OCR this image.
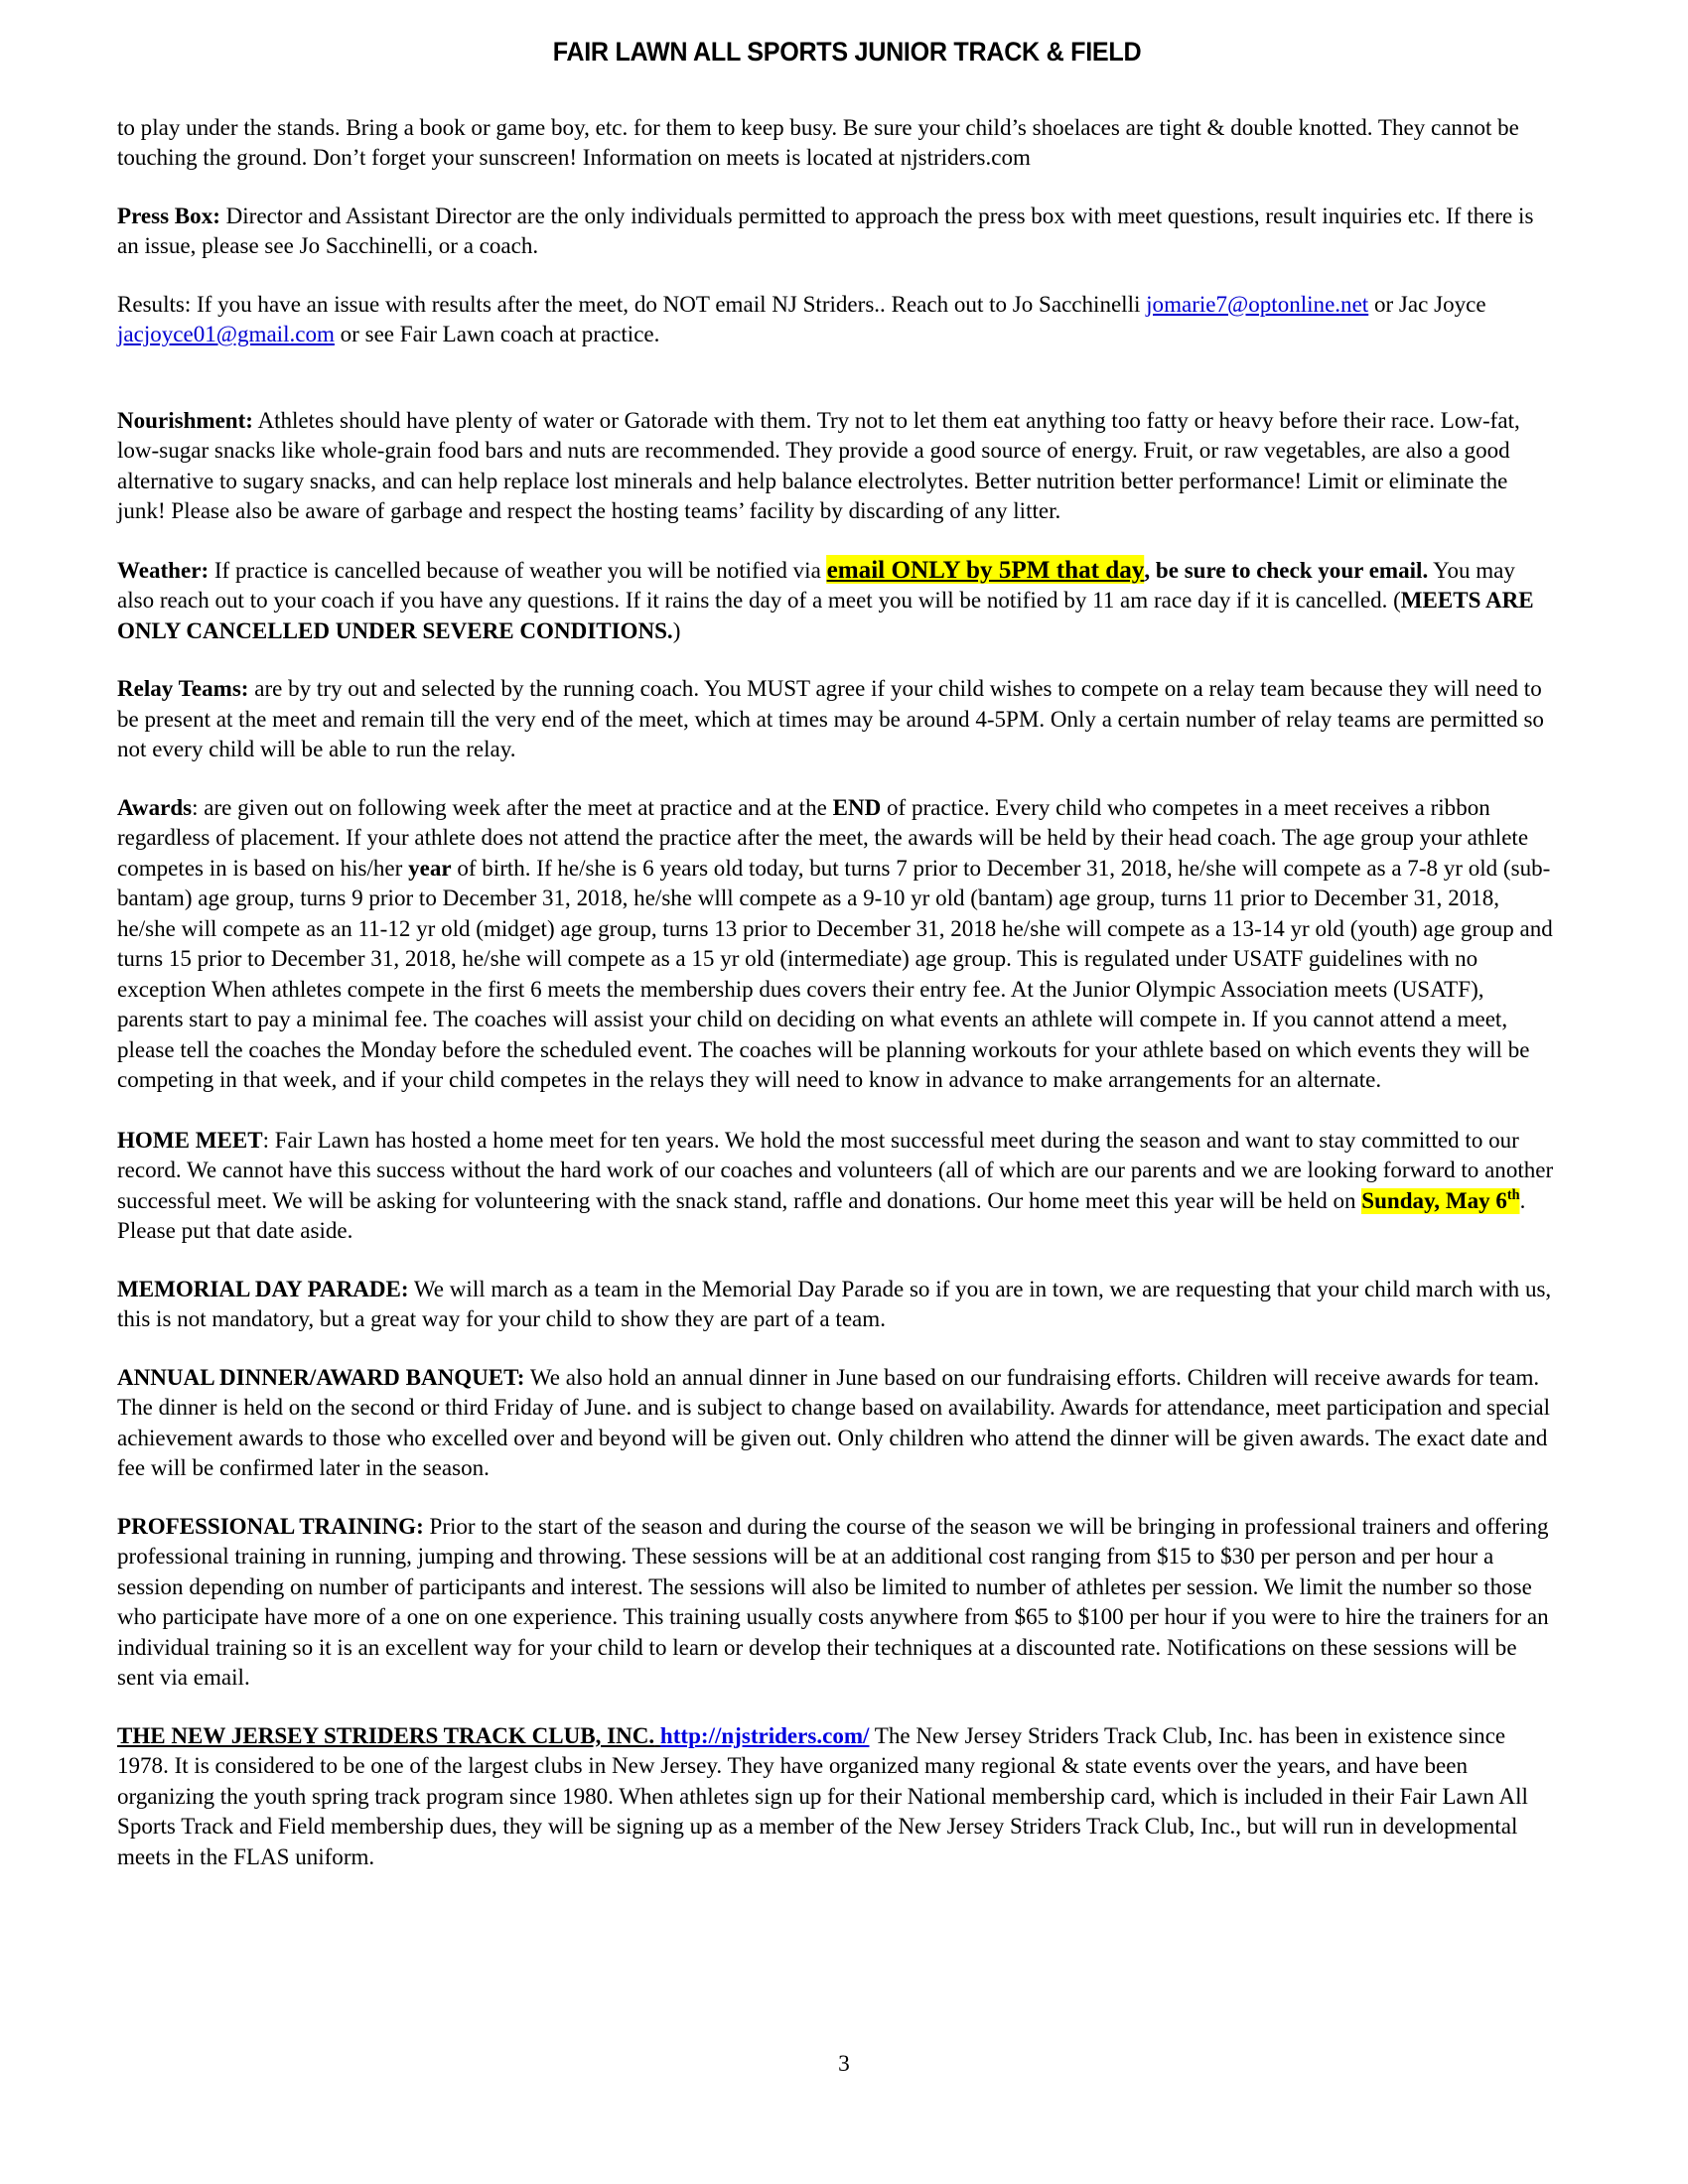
FAIR LAWN ALL SPORTS JUNIOR TRACK & FIELD

to play under the stands. Bring a book or game boy, etc. for them to keep busy. Be sure your child’s shoelaces are tight & double knotted. They cannot be touching the ground. Don’t forget your sunscreen! Information on meets is located at njstriders.com

Press Box: Director and Assistant Director are the only individuals permitted to approach the press box with meet questions, result inquiries etc. If there is an issue, please see Jo Sacchinelli, or a coach.

Results: If you have an issue with results after the meet, do NOT email NJ Striders.. Reach out to Jo Sacchinelli jomarie7@optonline.net or Jac Joyce jacjoyce01@gmail.com or see Fair Lawn coach at practice.

Nourishment: Athletes should have plenty of water or Gatorade with them. Try not to let them eat anything too fatty or heavy before their race. Low-fat, low-sugar snacks like whole-grain food bars and nuts are recommended. They provide a good source of energy. Fruit, or raw vegetables, are also a good alternative to sugary snacks, and can help replace lost minerals and help balance electrolytes. Better nutrition better performance! Limit or eliminate the junk! Please also be aware of garbage and respect the hosting teams’ facility by discarding of any litter.

Weather: If practice is cancelled because of weather you will be notified via email ONLY by 5PM that day, be sure to check your email. You may also reach out to your coach if you have any questions. If it rains the day of a meet you will be notified by 11 am race day if it is cancelled. (MEETS ARE ONLY CANCELLED UNDER SEVERE CONDITIONS.)

Relay Teams: are by try out and selected by the running coach. You MUST agree if your child wishes to compete on a relay team because they will need to be present at the meet and remain till the very end of the meet, which at times may be around 4-5PM. Only a certain number of relay teams are permitted so not every child will be able to run the relay.

Awards: are given out on following week after the meet at practice and at the END of practice. Every child who competes in a meet receives a ribbon regardless of placement. If your athlete does not attend the practice after the meet, the awards will be held by their head coach. The age group your athlete competes in is based on his/her year of birth. If he/she is 6 years old today, but turns 7 prior to December 31, 2018, he/she will compete as a 7-8 yr old (sub-bantam) age group, turns 9 prior to December 31, 2018, he/she wlll compete as a 9-10 yr old (bantam) age group, turns 11 prior to December 31, 2018, he/she will compete as an 11-12 yr old (midget) age group, turns 13 prior to December 31, 2018 he/she will compete as a 13-14 yr old (youth) age group and turns 15 prior to December 31, 2018, he/she will compete as a 15 yr old (intermediate) age group. This is regulated under USATF guidelines with no exception When athletes compete in the first 6 meets the membership dues covers their entry fee. At the Junior Olympic Association meets (USATF), parents start to pay a minimal fee. The coaches will assist your child on deciding on what events an athlete will compete in. If you cannot attend a meet, please tell the coaches the Monday before the scheduled event. The coaches will be planning workouts for your athlete based on which events they will be competing in that week, and if your child competes in the relays they will need to know in advance to make arrangements for an alternate.

HOME MEET: Fair Lawn has hosted a home meet for ten years. We hold the most successful meet during the season and want to stay committed to our record. We cannot have this success without the hard work of our coaches and volunteers (all of which are our parents and we are looking forward to another successful meet. We will be asking for volunteering with the snack stand, raffle and donations. Our home meet this year will be held on Sunday, May 6th. Please put that date aside.

MEMORIAL DAY PARADE: We will march as a team in the Memorial Day Parade so if you are in town, we are requesting that your child march with us, this is not mandatory, but a great way for your child to show they are part of a team.

ANNUAL DINNER/AWARD BANQUET: We also hold an annual dinner in June based on our fundraising efforts. Children will receive awards for team. The dinner is held on the second or third Friday of June. and is subject to change based on availability. Awards for attendance, meet participation and special achievement awards to those who excelled over and beyond will be given out. Only children who attend the dinner will be given awards. The exact date and fee will be confirmed later in the season.

PROFESSIONAL TRAINING: Prior to the start of the season and during the course of the season we will be bringing in professional trainers and offering professional training in running, jumping and throwing. These sessions will be at an additional cost ranging from $15 to $30 per person and per hour a session depending on number of participants and interest. The sessions will also be limited to number of athletes per session. We limit the number so those who participate have more of a one on one experience. This training usually costs anywhere from $65 to $100 per hour if you were to hire the trainers for an individual training so it is an excellent way for your child to learn or develop their techniques at a discounted rate. Notifications on these sessions will be sent via email.

THE NEW JERSEY STRIDERS TRACK CLUB, INC. http://njstriders.com/ The New Jersey Striders Track Club, Inc. has been in existence since 1978. It is considered to be one of the largest clubs in New Jersey. They have organized many regional & state events over the years, and have been organizing the youth spring track program since 1980. When athletes sign up for their National membership card, which is included in their Fair Lawn All Sports Track and Field membership dues, they will be signing up as a member of the New Jersey Striders Track Club, Inc., but will run in developmental meets in the FLAS uniform.

3
